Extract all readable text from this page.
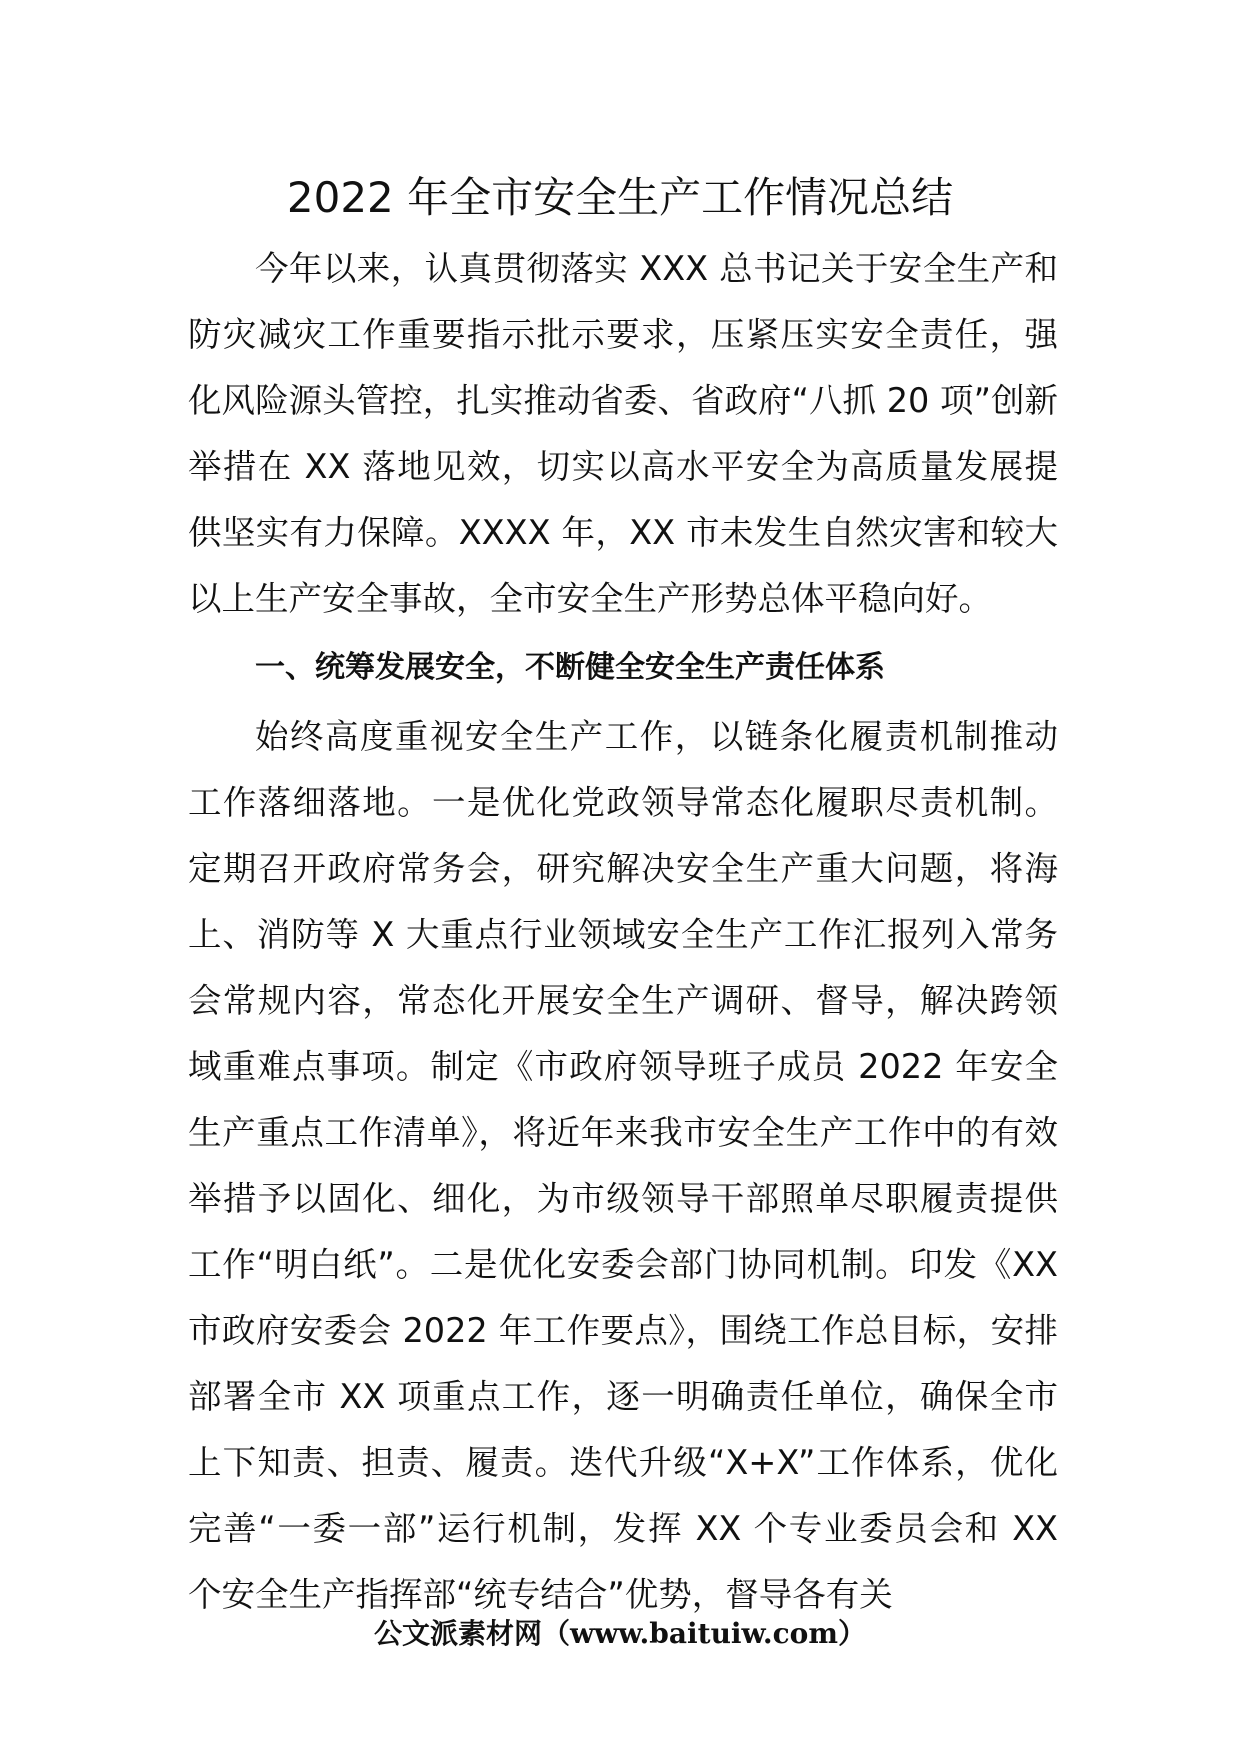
2022 年全市安全生产工作情况总结

今年以来，认真贯彻落实 XXX 总书记关于安全生产和防灾减灾工作重要指示批示要求，压紧压实安全责任，强化风险源头管控，扎实推动省委、省政府“八抓 20 项”创新举措在 XX 落地见效，切实以高水平安全为高质量发展提供坚实有力保障。XXXX 年，XX 市未发生自然灾害和较大以上生产安全事故，全市安全生产形势总体平稳向好。

一、统筹发展安全，不断健全安全生产责任体系

始终高度重视安全生产工作，以链条化履责机制推动工作落细落地。一是优化党政领导常态化履职尽责机制。定期召开政府常务会，研究解决安全生产重大问题，将海上、消防等 X 大重点行业领域安全生产工作汇报列入常务会常规内容，常态化开展安全生产调研、督导，解决跨领域重难点事项。制定《市政府领导班子成员 2022 年安全生产重点工作清单》，将近年来我市安全生产工作中的有效举措予以固化、细化，为市级领导干部照单尽职履责提供工作“明白纸”。二是优化安委会部门协同机制。印发《XX 市政府安委会 2022 年工作要点》，围绕工作总目标，安排部署全市 XX 项重点工作，逐一明确责任单位，确保全市上下知责、担责、履责。迭代升级“X+X”工作体系，优化完善“一委一部”运行机制，发挥 XX 个专业委员会和 XX 个安全生产指挥部“统专结合”优势，督导各有关

公文派素材网（www.baituiw.com）
